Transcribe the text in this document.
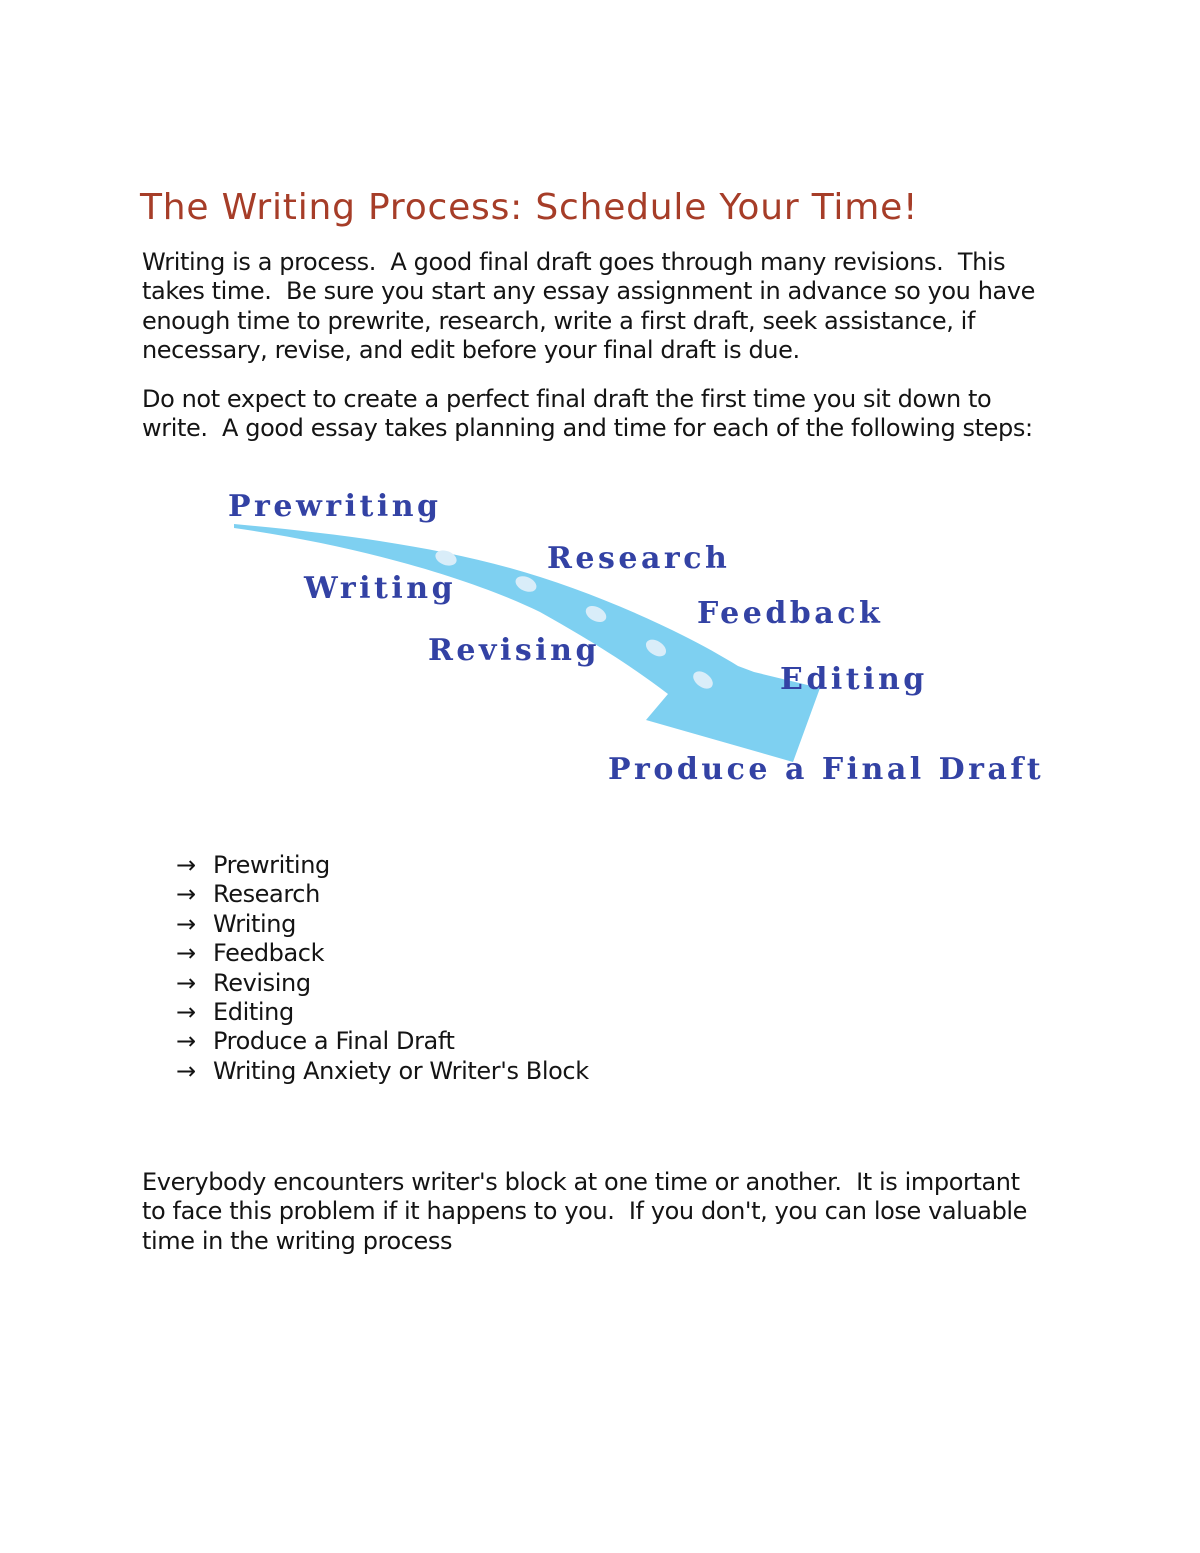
The Writing Process: Schedule Your Time!
Writing is a process.  A good final draft goes through many revisions.  This
takes time.  Be sure you start any essay assignment in advance so you have
enough time to prewrite, research, write a first draft, seek assistance, if
necessary, revise, and edit before your final draft is due.
Do not expect to create a perfect final draft the first time you sit down to
write.  A good essay takes planning and time for each of the following steps:
Prewriting
Research
Writing
Feedback
Revising
Editing
Produce a Final Draft
→ Prewriting
→ Research
→ Writing
→ Feedback
→ Revising
→ Editing
→ Produce a Final Draft
→ Writing Anxiety or Writer's Block
Everybody encounters writer's block at one time or another.  It is important
to face this problem if it happens to you.  If you don't, you can lose valuable
time in the writing process
